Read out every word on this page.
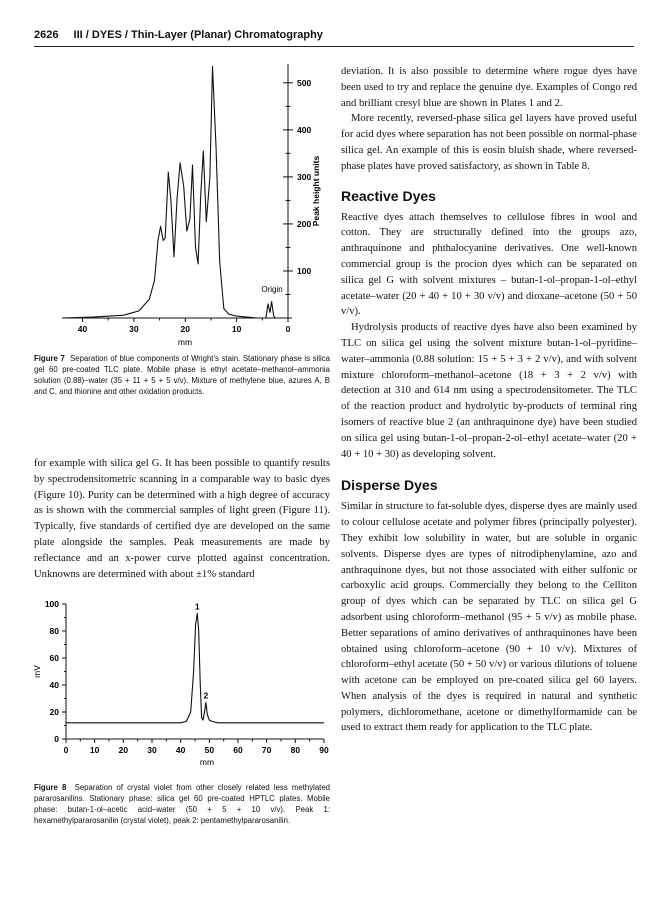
2626 III / DYES / Thin-Layer (Planar) Chromatography
40	30	20	10	0
mm
100
200
300
400
500
Peak height units
Origin
Figure 7 Separation of blue components of Wright’s stain. Stationary phase is silica gel 60 pre-coated TLC plate. Mobile phase is ethyl acetate–methanol–ammonia solution (0.88)–water (35 + 11 + 5 + 5 v/v). Mixture of methylene blue, azures A, B and C, and thionine and other oxidation products.

for example with silica gel G. It has been possible to quantify results by spectrodensitometric scanning in a comparable way to basic dyes (Figure 10). Purity can be determined with a high degree of accuracy as is shown with the commercial samples of light green (Figure 11). Typically, five standards of certified dye are developed on the same plate alongside the samples. Peak measurements are made by reflectance and an x-power curve plotted against concentration. Unknowns are determined with about ±1% standard

0	10 20 30 40 50 60 70 80 90
mm
0
20
40
60
80
100
mV
1
2
Figure 8 Separation of crystal violet from other closely related less methylated pararosanilins. Stationary phase: silica gel 60 pre-coated HPTLC plates. Mobile phase: butan-1-ol–acetic acid–water (50 + 5 + 10 v/v). Peak 1: hexamethylpararosanilin (crystal violet), peak 2: pentamethylpararosanilin.

deviation. It is also possible to determine where rogue dyes have been used to try and replace the genuine dye. Examples of Congo red and brilliant cresyl blue are shown in Plates 1 and 2.

More recently, reversed-phase silica gel layers have proved useful for acid dyes where separation has not been possible on normal-phase silica gel. An example of this is eosin bluish shade, where reversed-phase plates have proved satisfactory, as shown in Table 8.

Reactive Dyes

Reactive dyes attach themselves to cellulose fibres in wool and cotton. They are structurally defined into the groups azo, anthraquinone and phthalocyanine derivatives. One well-known commercial group is the procion dyes which can be separated on silica gel G with solvent mixtures – butan-1-ol–propan-1-ol–ethyl acetate–water (20 + 40 + 10 + 30 v/v) and dioxane–acetone (50 + 50 v/v).

Hydrolysis products of reactive dyes have also been examined by TLC on silica gel using the solvent mixture butan-1-ol–pyridine–water–ammonia (0.88 solution: 15 + 5 + 3 + 2 v/v), and with solvent mixture chloroform–methanol–acetone (18 + 3 + 2 v/v) with detection at 310 and 614 nm using a spectrodensitometer. The TLC of the reaction product and hydrolytic by-products of terminal ring isomers of reactive blue 2 (an anthraquinone dye) have been studied on silica gel using butan-1-ol–propan-2-ol–ethyl acetate–water (20 + 40 + 10 + 30) as developing solvent.

Disperse Dyes

Similar in structure to fat-soluble dyes, disperse dyes are mainly used to colour cellulose acetate and polymer fibres (principally polyester). They exhibit low solubility in water, but are soluble in organic solvents. Disperse dyes are types of nitrodiphenylamine, azo and anthraquinone dyes, but not those associated with either sulfonic or carboxylic acid groups. Commercially they belong to the Celliton group of dyes which can be separated by TLC on silica gel G adsorbent using chloroform–methanol (95 + 5 v/v) as mobile phase. Better separations of amino derivatives of anthraquinones have been obtained using chloroform–acetone (90 + 10 v/v). Mixtures of chloroform–ethyl acetate (50 + 50 v/v) or various dilutions of toluene with acetone can be employed on pre-coated silica gel 60 layers. When analysis of the dyes is required in natural and synthetic polymers, dichloromethane, acetone or dimethylformamide can be used to extract them ready for application to the TLC plate.
